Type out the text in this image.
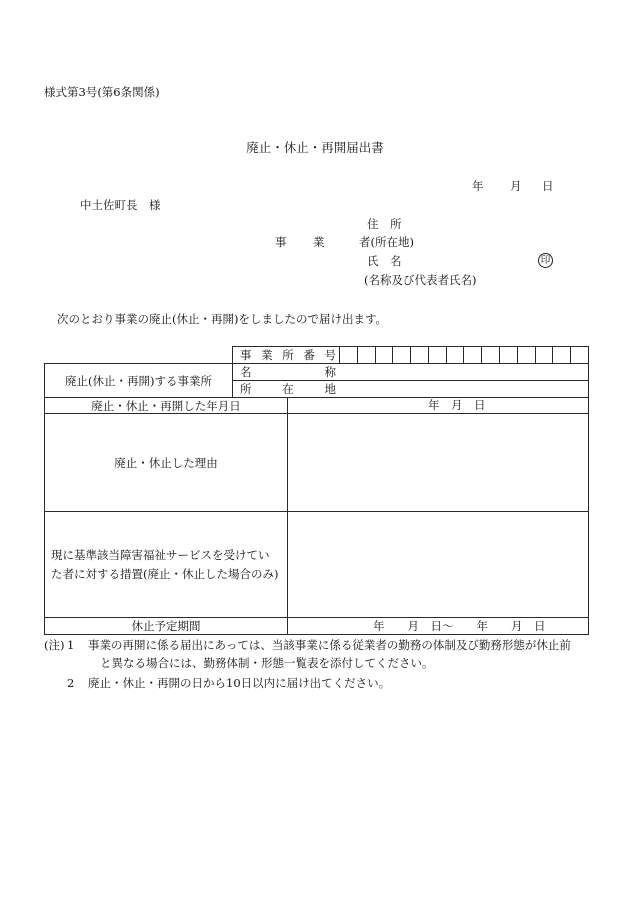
様式第3号(第6条関係)
廃止・休止・再開届出書
年 月 日
中土佐町長　様
住　所
事 業	者(所在地)
氏　名	印
(名称及び代表者氏名)
次のとおり事業の廃止(休止・再開)をしましたので届け出ます。
事 業 所 番 号
廃止(休止・再開)する事業所
名	称
所	在	地
廃止・休止・再開した年月日	年　月　日
廃止・休止した理由
現に基準該当障害福祉サービスを受けてい
た者に対する措置(廃止・休止した場合のみ)
休止予定期間	年　　月　日〜　　年　　月　日
(注) 1 事業の再開に係る届出にあっては、当該事業に係る従業者の勤務の体制及び勤務形態が休止前
と異なる場合には、勤務体制・形態一覧表を添付してください。
2 廃止・休止・再開の日から10日以内に届け出てください。
